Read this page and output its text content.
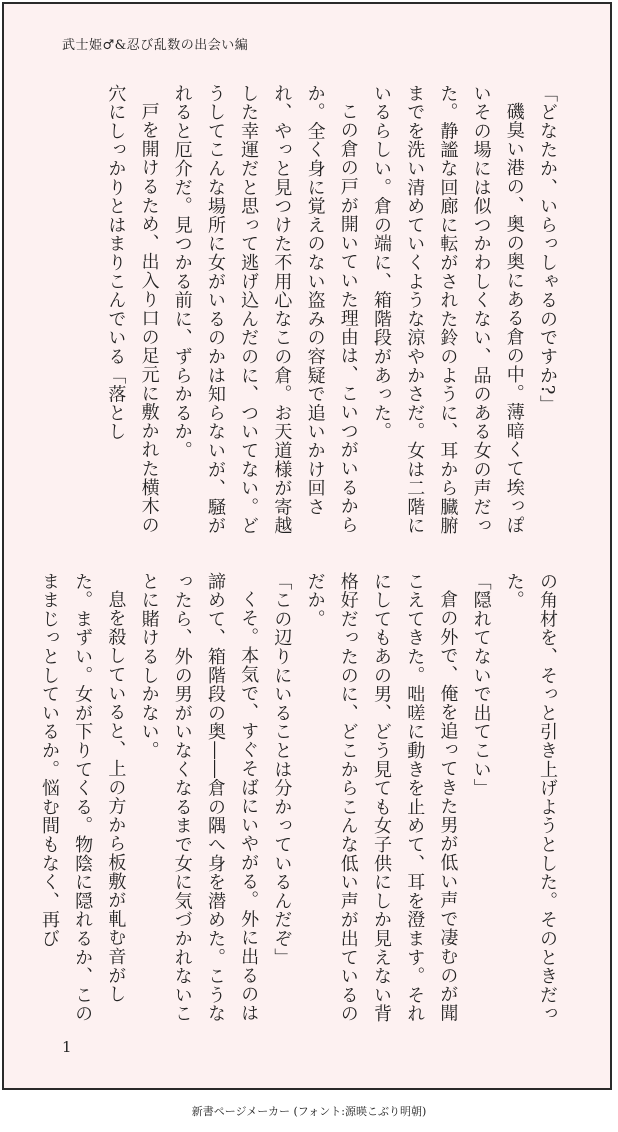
武士姫♂&忍び乱数の出会い編

「どなたか、いらっしゃるのですか?」

磯臭い港の、奥の奥にある倉の中。薄暗くて埃っぽいその場には似つかわしくない、品のある女の声だった。静謐な回廊に転がされた鈴のように、耳から臓腑までを洗い清めていくような涼やかさだ。女は二階にいるらしい。倉の端に、箱階段があった。

この倉の戸が開いていた理由は、こいつがいるからか。全く身に覚えのない盗みの容疑で追いかけ回され、やっと見つけた不用心なこの倉。お天道様が寄越した幸運だと思って逃げ込んだのに、ついてない。どうしてこんな場所に女がいるのかは知らないが、騒がれると厄介だ。見つかる前に、ずらかるか。

戸を開けるため、出入り口の足元に敷かれた横木の穴にしっかりとはまりこんでいる「落とし

の角材を、そっと引き上げようとした。そのときだった。

「隠れてないで出てこい」

倉の外で、俺を追ってきた男が低い声で凄むのが聞こえてきた。咄嗟に動きを止めて、耳を澄ます。それにしてもあの男、どう見ても女子供にしか見えない背格好だったのに、どこからこんな低い声が出ているのだか。

「この辺りにいることは分かっているんだぞ」

くそ。本気で、すぐそばにいやがる。外に出るのは諦めて、箱階段の奥――倉の隅へ身を潜めた。こうなったら、外の男がいなくなるまで女に気づかれないことに賭けるしかない。

息を殺していると、上の方から板敷が軋む音がした。まずい。女が下りてくる。物陰に隠れるか、このままじっとしているか。悩む間もなく、再び

1
新書ページメーカー (フォント:源暎こぶり明朝)
